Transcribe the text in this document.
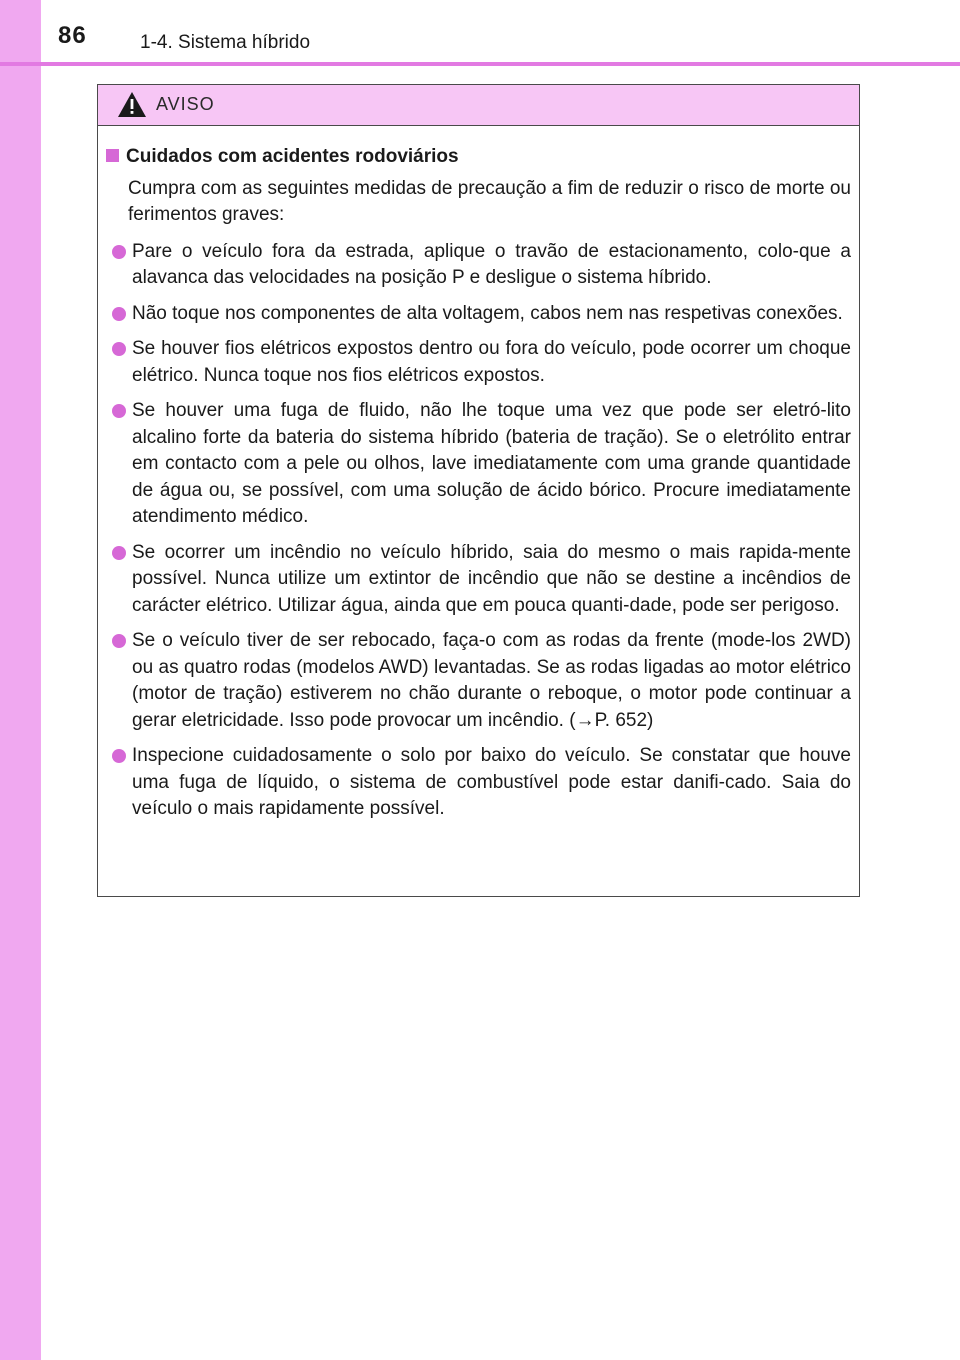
86	1-4. Sistema híbrido
AVISO
Cuidados com acidentes rodoviários
Cumpra com as seguintes medidas de precaução a fim de reduzir o risco de morte ou ferimentos graves:
Pare o veículo fora da estrada, aplique o travão de estacionamento, colo-que a alavanca das velocidades na posição P e desligue o sistema híbrido.
Não toque nos componentes de alta voltagem, cabos nem nas respetivas conexões.
Se houver fios elétricos expostos dentro ou fora do veículo, pode ocorrer um choque elétrico. Nunca toque nos fios elétricos expostos.
Se houver uma fuga de fluido, não lhe toque uma vez que pode ser eletró-lito alcalino forte da bateria do sistema híbrido (bateria de tração). Se o eletrólito entrar em contacto com a pele ou olhos, lave imediatamente com uma grande quantidade de água ou, se possível, com uma solução de ácido bórico. Procure imediatamente atendimento médico.
Se ocorrer um incêndio no veículo híbrido, saia do mesmo o mais rapida-mente possível. Nunca utilize um extintor de incêndio que não se destine a incêndios de carácter elétrico. Utilizar água, ainda que em pouca quanti-dade, pode ser perigoso.
Se o veículo tiver de ser rebocado, faça-o com as rodas da frente (mode-los 2WD) ou as quatro rodas (modelos AWD) levantadas. Se as rodas ligadas ao motor elétrico (motor de tração) estiverem no chão durante o reboque, o motor pode continuar a gerar eletricidade. Isso pode provocar um incêndio. (→P. 652)
Inspecione cuidadosamente o solo por baixo do veículo. Se constatar que houve uma fuga de líquido, o sistema de combustível pode estar danifi-cado. Saia do veículo o mais rapidamente possível.
